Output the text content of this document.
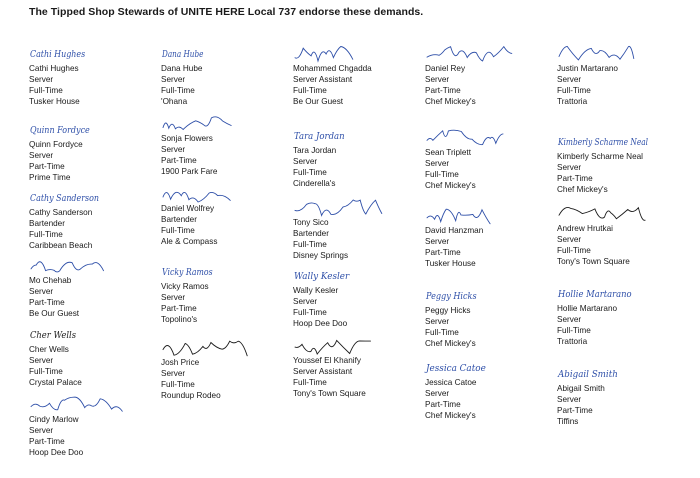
The Tipped Shop Stewards of UNITE HERE Local 737 endorse these demands.
Cathi Hughes
Cathi Hughes
Server
Full-Time
Tusker House
Quinn Fordyce
Quinn Fordyce
Server
Part-Time
Prime Time
Cathy Sanderson
Cathy Sanderson
Bartender
Full-Time
Caribbean Beach
Mo Chehab
Server
Part-Time
Be Our Guest
Cher Wells
Cher Wells
Server
Full-Time
Crystal Palace
Cindy Marlow
Server
Part-Time
Hoop Dee Doo
Dana Hube
Dana Hube
Server
Full-Time
'Ohana
Sonja Flowers
Server
Part-Time
1900 Park Fare
Daniel Wolfrey
Bartender
Full-Time
Ale & Compass
Vicky Ramos
Vicky Ramos
Server
Part-Time
Topolino's
Josh Price
Server
Full-Time
Roundup Rodeo
Mohammed Chgadda
Server Assistant
Full-Time
Be Our Guest
Tara Jordan
Tara Jordan
Server
Full-Time
Cinderella's
Tony Sico
Bartender
Full-Time
Disney Springs
Wally Kesler
Wally Kesler
Server
Full-Time
Hoop Dee Doo
Youssef El Khanify
Server Assistant
Full-Time
Tony's Town Square
Daniel Rey
Server
Part-Time
Chef Mickey's
Sean Triplett
Server
Full-Time
Chef Mickey's
David Hanzman
Server
Part-Time
Tusker House
Peggy Hicks
Peggy Hicks
Server
Full-Time
Chef Mickey's
Jessica Catoe
Jessica Catoe
Server
Part-Time
Chef Mickey's
Justin Martarano
Server
Full-Time
Trattoria
Kimberly Scharme Neal
Kimberly Scharme Neal
Server
Part-Time
Chef Mickey's
Andrew Hrutkai
Server
Full-Time
Tony's Town Square
Hollie Martarano
Hollie Martarano
Server
Full-Time
Trattoria
Abigail Smith
Abigail Smith
Server
Part-Time
Tiffins
